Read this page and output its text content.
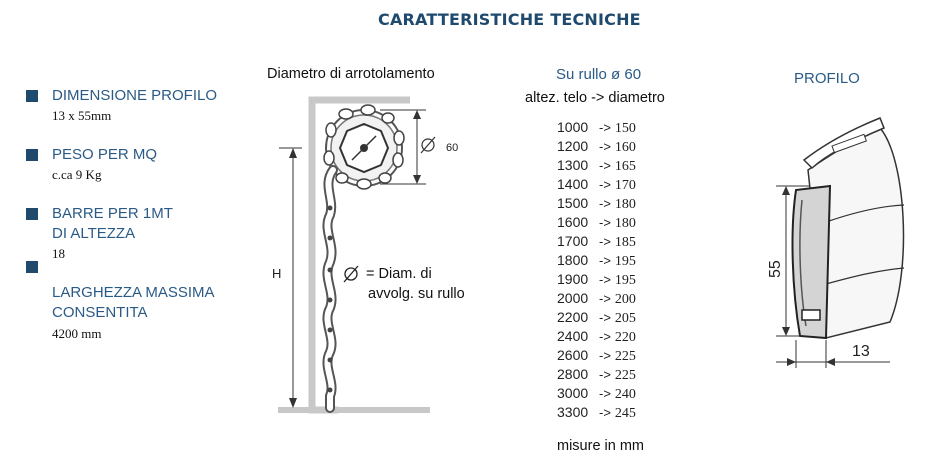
CARATTERISTICHE TECNICHE
DIMENSIONE PROFILO
13 x 55mm
PESO PER MQ
c.ca 9 Kg
BARRE PER 1MT
DI ALTEZZA
18
LARGHEZZA MASSIMA
CONSENTITA
4200 mm
Diametro di arrotolamento
= Diam. di
avvolg. su rullo
60
H
Su rullo ø 60
altez. telo -> diametro
1000 -> 150
1200 -> 160
1300 -> 165
1400 -> 170
1500 -> 180
1600 -> 180
1700 -> 185
1800 -> 195
1900 -> 195
2000 -> 200
2200 -> 205
2400 -> 220
2600 -> 225
2800 -> 225
3000 -> 240
3300 -> 245
misure in mm
PROFILO
55
13
